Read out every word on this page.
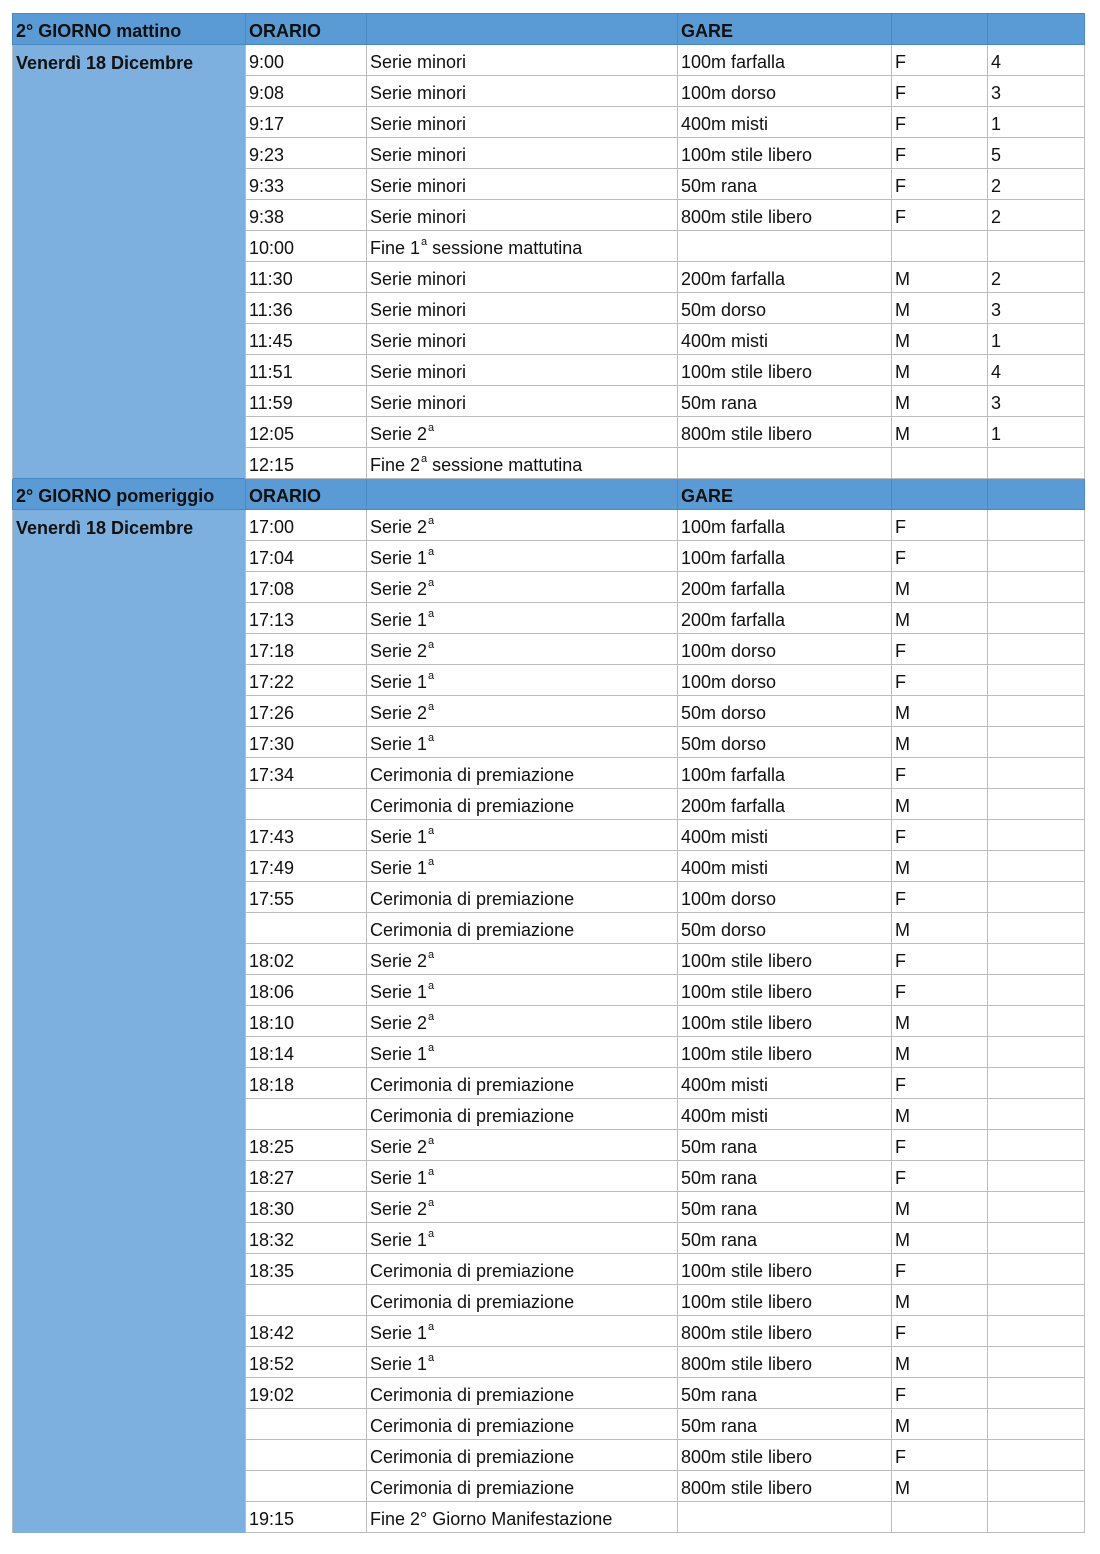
2° GIORNO mattino	ORARIO		GARE		
Venerdì 18 Dicembre	9:00	Serie minori	100m farfalla	F	4
	9:08	Serie minori	100m dorso	F	3
	9:17	Serie minori	400m misti	F	1
	9:23	Serie minori	100m stile libero	F	5
	9:33	Serie minori	50m rana	F	2
	9:38	Serie minori	800m stile libero	F	2
	10:00	Fine 1$^a$ sessione mattutina			
	11:30	Serie minori	200m farfalla	M	2
	11:36	Serie minori	50m dorso	M	3
	11:45	Serie minori	400m misti	M	1
	11:51	Serie minori	100m stile libero	M	4
	11:59	Serie minori	50m rana	M	3
	12:05	Serie 2$^a$	800m stile libero	M	1
	12:15	Fine 2$^a$ sessione mattutina			
2° GIORNO pomeriggio	ORARIO		GARE		
Venerdì 18 Dicembre	17:00	Serie 2$^a$	100m farfalla	F	
	17:04	Serie 1$^a$	100m farfalla	F	
	17:08	Serie 2$^a$	200m farfalla	M	
	17:13	Serie 1$^a$	200m farfalla	M	
	17:18	Serie 2$^a$	100m dorso	F	
	17:22	Serie 1$^a$	100m dorso	F	
	17:26	Serie 2$^a$	50m dorso	M	
	17:30	Serie 1$^a$	50m dorso	M	
	17:34	Cerimonia di premiazione	100m farfalla	F	
		Cerimonia di premiazione	200m farfalla	M	
	17:43	Serie 1$^a$	400m misti	F	
	17:49	Serie 1$^a$	400m misti	M	
	17:55	Cerimonia di premiazione	100m dorso	F	
		Cerimonia di premiazione	50m dorso	M	
	18:02	Serie 2$^a$	100m stile libero	F	
	18:06	Serie 1$^a$	100m stile libero	F	
	18:10	Serie 2$^a$	100m stile libero	M	
	18:14	Serie 1$^a$	100m stile libero	M	
	18:18	Cerimonia di premiazione	400m misti	F	
		Cerimonia di premiazione	400m misti	M	
	18:25	Serie 2$^a$	50m rana	F	
	18:27	Serie 1$^a$	50m rana	F	
	18:30	Serie 2$^a$	50m rana	M	
	18:32	Serie 1$^a$	50m rana	M	
	18:35	Cerimonia di premiazione	100m stile libero	F	
		Cerimonia di premiazione	100m stile libero	M	
	18:42	Serie 1$^a$	800m stile libero	F	
	18:52	Serie 1$^a$	800m stile libero	M	
	19:02	Cerimonia di premiazione	50m rana	F	
		Cerimonia di premiazione	50m rana	M	
		Cerimonia di premiazione	800m stile libero	F	
		Cerimonia di premiazione	800m stile libero	M	
	19:15	Fine 2° Giorno Manifestazione			
